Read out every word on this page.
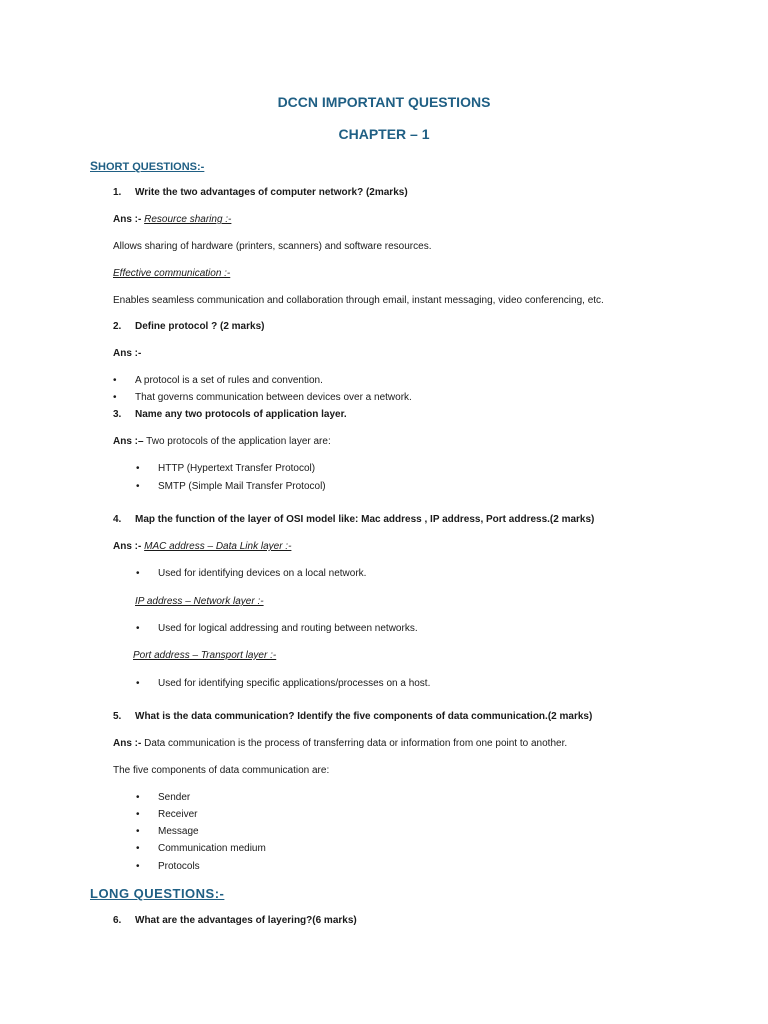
DCCN IMPORTANT QUESTIONS
CHAPTER – 1
SHORT QUESTIONS:-
1. Write the two advantages of computer network? (2marks)
Ans :- Resource sharing :-
Allows sharing of hardware (printers, scanners) and software resources.
Effective communication :-
Enables seamless communication and collaboration through email, instant messaging, video conferencing, etc.
2. Define protocol ? (2 marks)
Ans :-
• A protocol is a set of rules and convention.
• That governs communication between devices over a network.
3. Name any two protocols of application layer.
Ans :– Two protocols of the application layer are:
• HTTP (Hypertext Transfer Protocol)
• SMTP (Simple Mail Transfer Protocol)
4. Map the function of the layer of OSI model like: Mac address , IP address, Port address.(2 marks)
Ans :- MAC address – Data Link layer :-
• Used for identifying devices on a local network.
IP address – Network layer :-
• Used for logical addressing and routing between networks.
Port address – Transport layer :-
• Used for identifying specific applications/processes on a host.
5. What is the data communication? Identify the five components of data communication.(2 marks)
Ans :- Data communication is the process of transferring data or information from one point to another.
The five components of data communication are:
• Sender
• Receiver
• Message
• Communication medium
• Protocols
LONG QUESTIONS:-
6. What are the advantages of layering?(6 marks)
